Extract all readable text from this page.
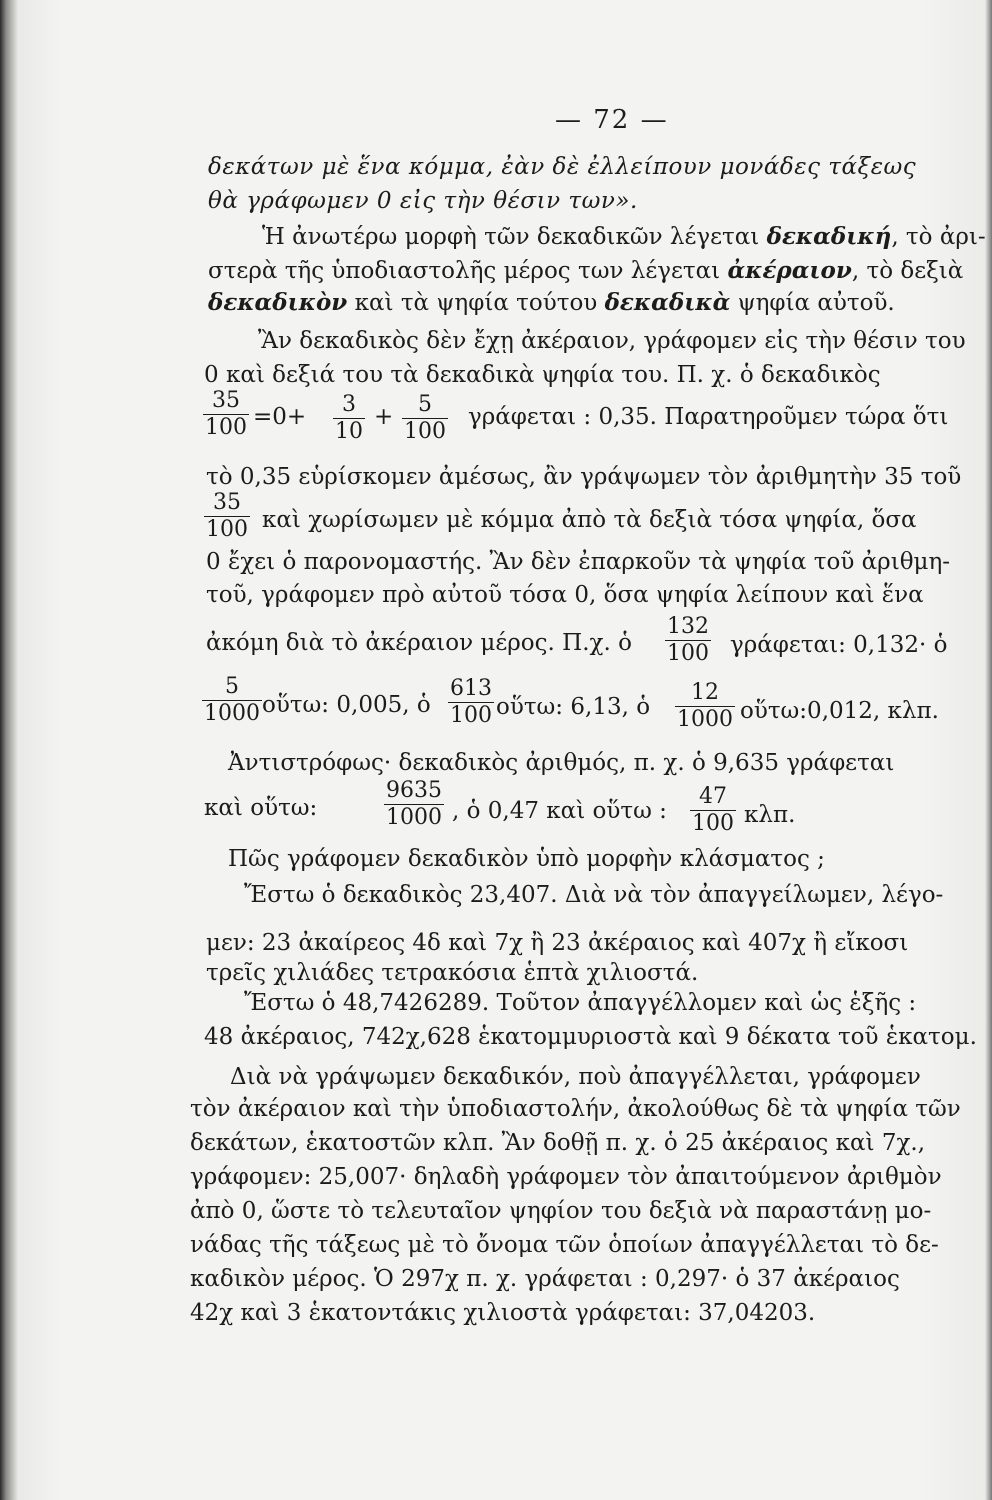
— 72 —
δεκάτων μὲ ἕνα κόμμα, ἐὰν δὲ ἐλλείπουν μονάδες τάξεως
θὰ γράφωμεν 0 εἰς τὴν θέσιν των».
Ἡ ἀνωτέρω μορφὴ τῶν δεκαδικῶν λέγεται δεκαδική, τὸ ἀρι-
στερὰ τῆς ὑποδιαστολῆς μέρος των λέγεται ἀκέραιον, τὸ δεξιὰ
δεκαδικὸν καὶ τὰ ψηφία τούτου δεκαδικὰ ψηφία αὐτοῦ.
Ἂν δεκαδικὸς δὲν ἔχῃ ἀκέραιον, γράφομεν εἰς τὴν θέσιν του
0 καὶ δεξιά του τὰ δεκαδικὰ ψηφία του. Π. χ. ὁ δεκαδικὸς
$\frac{35}{100} =0+ \frac{3}{10} + \frac{5}{100}$ γράφεται : 0,35. Παρατηροῦμεν τώρα ὅτι
τὸ 0,35 εὑρίσκομεν ἀμέσως, ἂν γράψωμεν τὸν ἀριθμητὴν 35 τοῦ
$\frac{35}{100}$ καὶ χωρίσωμεν μὲ κόμμα ἀπὸ τὰ δεξιὰ τόσα ψηφία, ὅσα
0 ἔχει ὁ παρονομαστής. Ἂν δὲν ἐπαρκοῦν τὰ ψηφία τοῦ ἀριθμη-
τοῦ, γράφομεν πρὸ αὐτοῦ τόσα 0, ὅσα ψηφία λείπουν καὶ ἕνα
ἀκόμη διὰ τὸ ἀκέραιον μέρος. Π.χ. ὁ $\frac{132}{100} \gamma\rho ά\varphi\varepsilon\tau\alpha\iota$: 0,132· ὁ
$\frac{5}{1000}$ οὕτω: 0,005, ὁ $\frac{613}{100}$ οὕτω: 6,13, ὁ $\frac{12}{1000}$ οὕτω:0,012, κλπ.
Ἀντιστρόφως· δεκαδικὸς ἀριθμός, π. χ. ὁ 9,635 γράφεται
καὶ οὕτω:	$\frac{9635}{1000}$ , ὁ 0,47 καὶ οὕτω : $\frac{47}{100} \kappa\lambda\pi$.
Πῶς γράφομεν δεκαδικὸν ὑπὸ μορφὴν κλάσματος ;
Ἔστω ὁ δεκαδικὸς 23,407. Διὰ νὰ τὸν ἀπαγγείλωμεν, λέγο-
μεν: 23 ἀκαίρεος 4δ καὶ 7χ ἢ 23 ἀκέραιος καὶ 407χ ἢ εἴκοσι
τρεῖς χιλιάδες τετρακόσια ἑπτὰ χιλιοστά.
Ἔστω ὁ 48,7426289. Τοῦτον ἀπαγγέλλομεν καὶ ὡς ἑξῆς :
48 ἀκέραιος, 742χ,628 ἑκατομμυριοστὰ καὶ 9 δέκατα τοῦ ἑκατομ.
Διὰ νὰ γράψωμεν δεκαδικόν, ποὺ ἀπαγγέλλεται, γράφομεν
τὸν ἀκέραιον καὶ τὴν ὑποδιαστολήν, ἀκολούθως δὲ τὰ ψηφία τῶν
δεκάτων, ἑκατοστῶν κλπ. Ἂν δοθῇ π. χ. ὁ 25 ἀκέραιος καὶ 7χ.,
γράφομεν: 25,007· δηλαδὴ γράφομεν τὸν ἀπαιτούμενον ἀριθμὸν
ἀπὸ 0, ὥστε τὸ τελευταῖον ψηφίον του δεξιὰ νὰ παραστάνῃ μο-
νάδας τῆς τάξεως μὲ τὸ ὄνομα τῶν ὁποίων ἀπαγγέλλεται τὸ δε-
καδικὸν μέρος. Ὁ 297χ π. χ. γράφεται : 0,297· ὁ 37 ἀκέραιος
42χ καὶ 3 ἑκατοντάκις χιλιοστὰ γράφεται: 37,04203.
